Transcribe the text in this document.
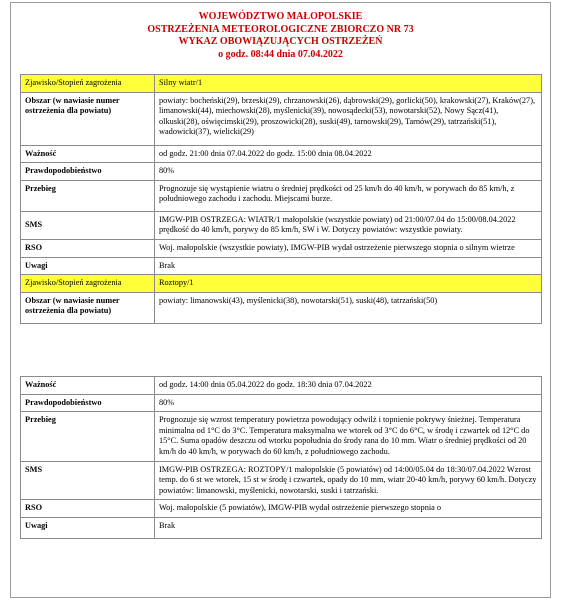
WOJEWÓDZTWO MAŁOPOLSKIE
OSTRZEŻENIA METEOROLOGICZNE ZBIORCZO NR 73
WYKAZ OBOWIĄZUJĄCYCH OSTRZEŻEŃ
o godz. 08:44 dnia 07.04.2022
Zjawisko/Stopień zagrożenia	Silny wiatr/1
Obszar (w nawiasie numer ostrzeżenia dla powiatu)	powiaty: bocheński(29), brzeski(29), chrzanowski(26), dąbrowski(29), gorlicki(50), krakowski(27), Kraków(27), limanowski(44), miechowski(28), myślenicki(39), nowosądecki(53), nowotarski(52), Nowy Sącz(41), olkuski(28), oświęcimski(29), proszowicki(28), suski(49), tarnowski(29), Tarnów(29), tatrzański(51), wadowicki(37), wielicki(29)
Ważność	od godz. 21:00 dnia 07.04.2022 do godz. 15:00 dnia 08.04.2022
Prawdopodobieństwo	80%
Przebieg	Prognozuje się wystąpienie wiatru o średniej prędkości od 25 km/h do 40 km/h, w porywach do 85 km/h, z południowego zachodu i zachodu. Miejscami burze.
SMS	IMGW-PIB OSTRZEGA: WIATR/1 małopolskie (wszystkie powiaty) od 21:00/07.04 do 15:00/08.04.2022 prędkość do 40 km/h, porywy do 85 km/h, SW i W. Dotyczy powiatów: wszystkie powiaty.
RSO	Woj. małopolskie (wszystkie powiaty), IMGW-PIB wydał ostrzeżenie pierwszego stopnia o silnym wietrze
Uwagi	Brak
Zjawisko/Stopień zagrożenia	Roztopy/1
Obszar (w nawiasie numer ostrzeżenia dla powiatu)	powiaty: limanowski(43), myślenicki(38), nowotarski(51), suski(48), tatrzański(50)
Ważność	od godz. 14:00 dnia 05.04.2022 do godz. 18:30 dnia 07.04.2022
Prawdopodobieństwo	80%
Przebieg	Prognozuje się wzrost temperatury powietrza powodujący odwilż i topnienie pokrywy śnieżnej. Temperatura minimalna od 1°C do 3°C. Temperatura maksymalna we wtorek od 3°C do 6°C, w środę i czwartek od 12°C do 15°C. Suma opadów deszczu od wtorku popołudnia do środy rana do 10 mm. Wiatr o średniej prędkości od 20 km/h do 40 km/h, w porywach do 60 km/h, z południowego zachodu.
SMS	IMGW-PIB OSTRZEGA: ROZTOPY/1 małopolskie (5 powiatów) od 14:00/05.04 do 18:30/07.04.2022 Wzrost temp. do 6 st we wtorek, 15 st w środę i czwartek, opady do 10 mm, wiatr 20-40 km/h, porywy 60 km/h. Dotyczy powiatów: limanowski, myślenicki, nowotarski, suski i tatrzański.
RSO	Woj. małopolskie (5 powiatów), IMGW-PIB wydał ostrzeżenie pierwszego stopnia o
Uwagi	Brak
